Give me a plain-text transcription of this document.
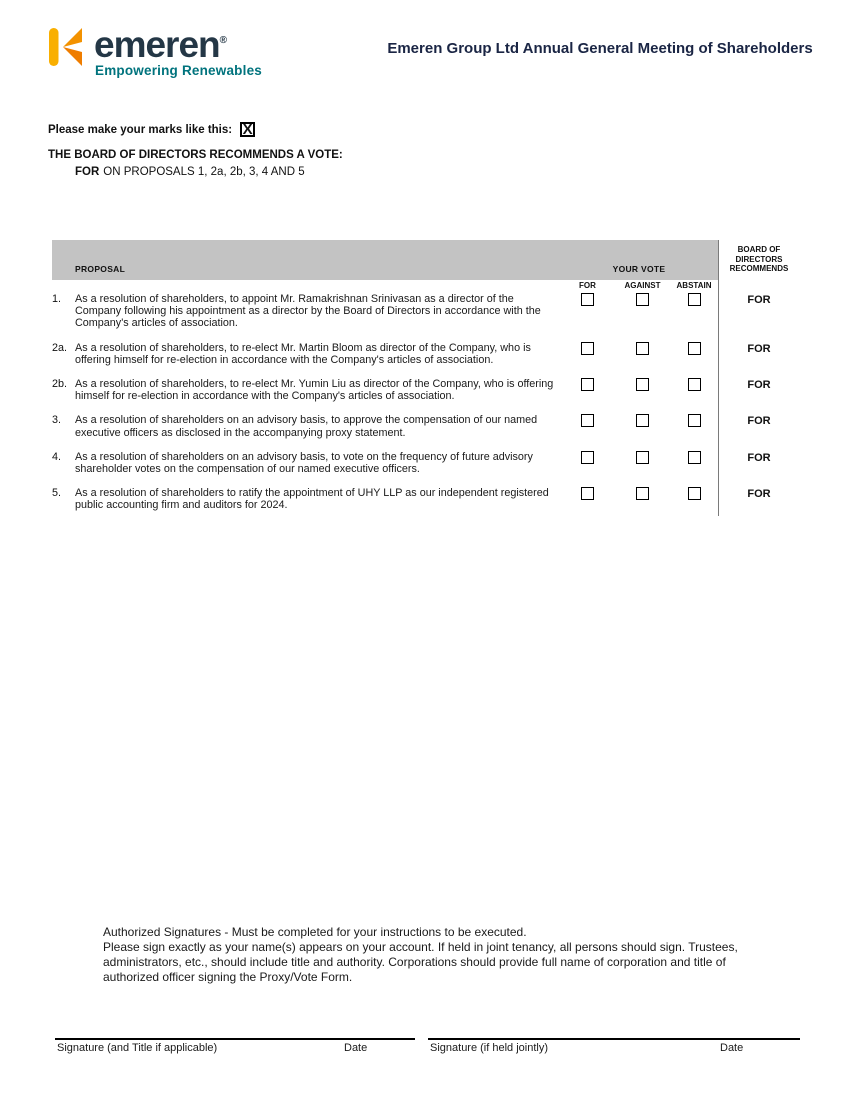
emeren®
Empowering Renewables
Emeren Group Ltd Annual General Meeting of Shareholders
Please make your marks like this: X
THE BOARD OF DIRECTORS RECOMMENDS A VOTE:
FOR ON PROPOSALS 1, 2a, 2b, 3, 4 AND 5
PROPOSAL	YOUR VOTE
BOARD OF DIRECTORS RECOMMENDS
FOR	AGAINST	ABSTAIN
1.	As a resolution of shareholders, to appoint Mr. Ramakrishnan Srinivasan as a director of the Company following his appointment as a director by the Board of Directors in accordance with the Company's articles of association.
FOR
2a. As a resolution of shareholders, to re-elect Mr. Martin Bloom as director of the Company, who is offering himself for re-election in accordance with the Company's articles of association.
FOR
2b. As a resolution of shareholders, to re-elect Mr. Yumin Liu as director of the Company, who is offering himself for re-election in accordance with the Company's articles of association.
FOR
3.	As a resolution of shareholders on an advisory basis, to approve the compensation of our named executive officers as disclosed in the accompanying proxy statement.
FOR
4.	As a resolution of shareholders on an advisory basis, to vote on the frequency of future advisory shareholder votes on the compensation of our named executive officers.
FOR
5.	As a resolution of shareholders to ratify the appointment of UHY LLP as our independent registered public accounting firm and auditors for 2024.
FOR
Authorized Signatures - Must be completed for your instructions to be executed.
Please sign exactly as your name(s) appears on your account. If held in joint tenancy, all persons should sign. Trustees, administrators, etc., should include title and authority. Corporations should provide full name of corporation and title of authorized officer signing the Proxy/Vote Form.
Signature (and Title if applicable)	Date	Signature (if held jointly)	Date
